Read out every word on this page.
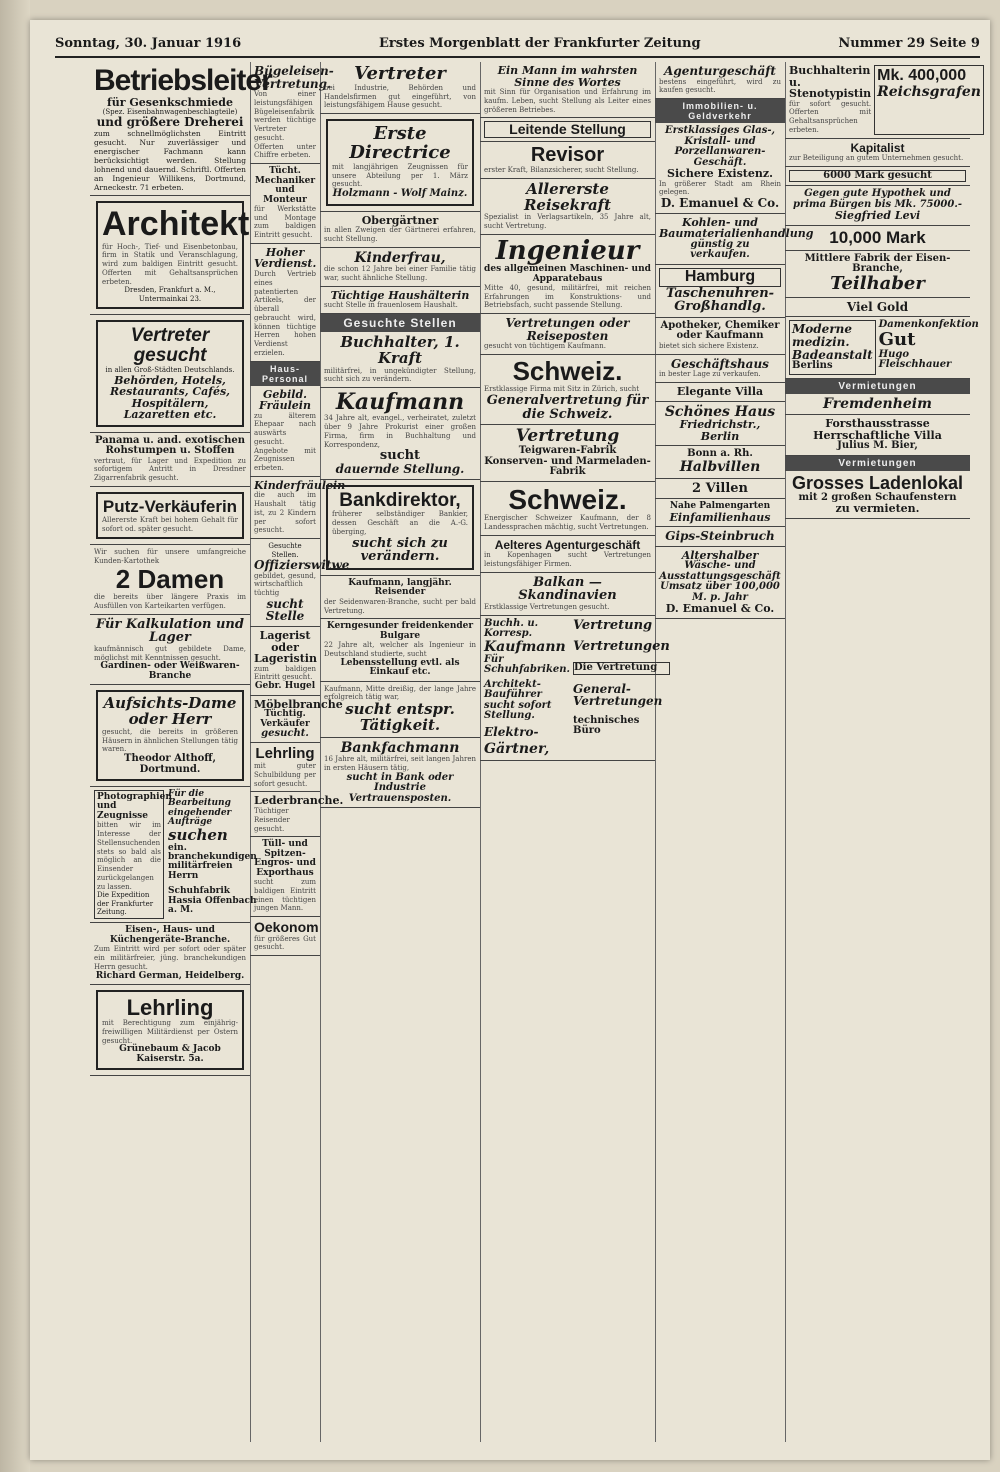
Sonntag, 30. Januar 1916	Erstes Morgenblatt der Frankfurter Zeitung	Nummer 29 Seite 9
Betriebsleiter
für Gesenkschmiede
(Spez. Eisenbahnwagenbeschlagteile)
und größere Dreherei
zum schnellmöglichsten Eintritt gesucht. Nur zuverlässiger und energischer Fachmann kann berücksichtigt werden. Stellung lohnend und dauernd. Schriftl. Offerten an Ingenieur Willikens, Dortmund, Arneckestr. 71 erbeten.
Architekt
für Hoch-, Tief- und Eisenbetonbau, firm in Statik und Veranschlagung, wird zum baldigen Eintritt gesucht. Offerten mit Gehaltsansprüchen erbeten.
Dresden, Frankfurt a. M., Untermainkai 23.
Vertreter gesucht
in allen Groß-Städten Deutschlands.
Behörden, Hotels, Restaurants, Cafés, Hospitälern, Lazaretten etc.
Panama u. and. exotischen Rohstumpen u. Stoffen
vertraut, für Lager und Expedition zu sofortigem Antritt in Dresdner Zigarrenfabrik gesucht.
Putz-Verkäuferin
Allererste Kraft bei hohem Gehalt für sofort od. später gesucht.
Wir suchen für unsere umfangreiche Kunden-Kartothek
2 Damen
die bereits über längere Praxis im Ausfüllen von Karteikarten verfügen.
Für Kalkulation und Lager
kaufmännisch gut gebildete Dame, möglichst mit Kenntnissen gesucht.
Gardinen- oder Weißwaren-Branche
Aufsichts-Dame oder Herr
gesucht, die bereits in größeren Häusern in ähnlichen Stellungen tätig waren.
Theodor Althoff, Dortmund.
Photographien und Zeugnisse
bitten wir im Interesse der Stellensuchenden stets so bald als möglich an die Einsender zurückgelangen zu lassen.
Die Expedition der Frankfurter Zeitung.
Für die Bearbeitung eingehender Aufträge
suchen
ein. branchekundigen militärfreien Herrn
Schuhfabrik Hassia Offenbach a. M.
Eisen-, Haus- und Küchengeräte-Branche.
Zum Eintritt wird per sofort oder später ein militärfreier, jüng. branchekundigen Herrn gesucht.
Richard German, Heidelberg.
Lehrling
mit Berechtigung zum einjährig-freiwilligen Militärdienst per Ostern gesucht.
Grünebaum & Jacob Kaiserstr. 5a.
Bügeleisen-Vertretung.
Von einer leistungsfähigen Bügeleisenfabrik werden tüchtige Vertreter gesucht. Offerten unter Chiffre erbeten.
Tücht. Mechaniker und Monteur
für Werkstätte und Montage zum baldigen Eintritt gesucht.
Hoher Verdienst.
Durch Vertrieb eines patentierten Artikels, der überall gebraucht wird, können tüchtige Herren hohen Verdienst erzielen.
Haus-Personal
Gebild. Fräulein
zu älterem Ehepaar nach auswärts gesucht. Angebote mit Zeugnissen erbeten.
Kinderfräulein
die auch im Haushalt tätig ist, zu 2 Kindern per sofort gesucht.
Gesuchte Stellen.
Offizierswitwe
gebildet, gesund, wirtschaftlich tüchtig
sucht Stelle
Lagerist oder Lageristin
zum baldigen Eintritt gesucht.
Gebr. Hugel
Möbelbranche
Tüchtig. Verkäufer
gesucht.
Lehrling
mit guter Schulbildung per sofort gesucht.
Lederbranche.
Tüchtiger Reisender gesucht.
Tüll- und Spitzen-Engros- und Exporthaus
sucht zum baldigen Eintritt einen tüchtigen jungen Mann.
Oekonom
für größeres Gut gesucht.
Vertreter
bei Industrie, Behörden und Handelsfirmen gut eingeführt, von leistungsfähigem Hause gesucht.
Erste Directrice
mit langjährigen Zeugnissen für unsere Abteilung per 1. März gesucht.
Holzmann - Wolf Mainz.
Obergärtner
in allen Zweigen der Gärtnerei erfahren, sucht Stellung.
Kinderfrau,
die schon 12 Jahre bei einer Familie tätig war, sucht ähnliche Stellung.
Tüchtige Haushälterin
sucht Stelle in frauenlosem Haushalt.
Gesuchte Stellen
Buchhalter, 1. Kraft
militärfrei, in ungekündigter Stellung, sucht sich zu verändern.
Kaufmann
34 Jahre alt, evangel., verheiratet, zuletzt über 9 Jahre Prokurist einer großen Firma, firm in Buchhaltung und Korrespondenz,
sucht
dauernde Stellung.
Bankdirektor,
früherer selbständiger Bankier, dessen Geschäft an die A.-G. überging,
sucht sich zu verändern.
Kaufmann, langjähr. Reisender
der Seidenwaren-Branche, sucht per bald Vertretung.
Kerngesunder freidenkender Bulgare
22 Jahre alt, welcher als Ingenieur in Deutschland studierte, sucht
Lebensstellung evtl. als Einkauf etc.
Kaufmann, Mitte dreißig, der lange Jahre erfolgreich tätig war,
sucht entspr. Tätigkeit.
Bankfachmann
16 Jahre alt, militärfrei, seit langen Jahren in ersten Häusern tätig,
sucht in Bank oder Industrie Vertrauensposten.
Ein Mann im wahrsten Sinne des Wortes
mit Sinn für Organisation und Erfahrung im kaufm. Leben, sucht Stellung als Leiter eines größeren Betriebes.
Leitende Stellung
Revisor
erster Kraft, Bilanzsicherer, sucht Stellung.
Allererste Reisekraft
Spezialist in Verlagsartikeln, 35 Jahre alt, sucht Vertretung.
Ingenieur
des allgemeinen Maschinen- und Apparatebaus
Mitte 40, gesund, militärfrei, mit reichen Erfahrungen im Konstruktions- und Betriebsfach, sucht passende Stellung.
Vertretungen oder Reiseposten
gesucht von tüchtigem Kaufmann.
Schweiz.
Erstklassige Firma mit Sitz in Zürich, sucht
Generalvertretung für die Schweiz.
Vertretung
Teigwaren-Fabrik
Konserven- und Marmeladen-Fabrik
Schweiz.
Energischer Schweizer Kaufmann, der 8 Landessprachen mächtig, sucht Vertretungen.
Aelteres Agenturgeschäft
in Kopenhagen sucht Vertretungen leistungsfähiger Firmen.
Balkan — Skandinavien
Erstklassige Vertretungen gesucht.
Buchh. u. Korresp.
Kaufmann
Für Schuhfabriken.
Architekt-Bauführer
sucht sofort Stellung.
Elektro-
Gärtner,
Vertretung
Vertretungen
Die Vertretung
General-Vertretungen
technisches Büro
Agenturgeschäft
bestens eingeführt, wird zu kaufen gesucht.
Immobilien- u. Geldverkehr
Erstklassiges Glas-, Kristall- und Porzellanwaren-Geschäft.
Sichere Existenz.
In größerer Stadt am Rhein gelegen.
D. Emanuel & Co.
Kohlen- und Baumaterialienhandlung
günstig zu verkaufen.
Hamburg
Taschenuhren-Großhandlg.
Apotheker, Chemiker oder Kaufmann
bietet sich sichere Existenz.
Geschäftshaus
in bester Lage zu verkaufen.
Elegante Villa
Schönes Haus
Friedrichstr., Berlin
Bonn a. Rh.
Halbvillen
2 Villen
Nahe Palmengarten
Einfamilienhaus
Gips-Steinbruch
Altershalber
Wäsche- und Ausstattungsgeschäft
Umsatz über 100,000 M. p. Jahr
D. Emanuel & Co.
Buchhalterin u. Stenotypistin
für sofort gesucht. Offerten mit Gehaltsansprüchen erbeten.
Mk. 400,000
Reichsgrafen
Kapitalist
zur Beteiligung an gutem Unternehmen gesucht.
6000 Mark gesucht
Gegen gute Hypothek und prima Bürgen bis Mk. 75000.-
Siegfried Levi
10,000 Mark
Mittlere Fabrik der Eisen-Branche,
Teilhaber
Viel Gold
Moderne medizin. Badeanstalt
Berlins
Damenkonfektion
Gut
Hugo Fleischhauer
Vermietungen
Fremdenheim
Forsthausstrasse Herrschaftliche Villa
Julius M. Bier,
Vermietungen
Grosses Ladenlokal
mit 2 großen Schaufenstern
zu vermieten.
